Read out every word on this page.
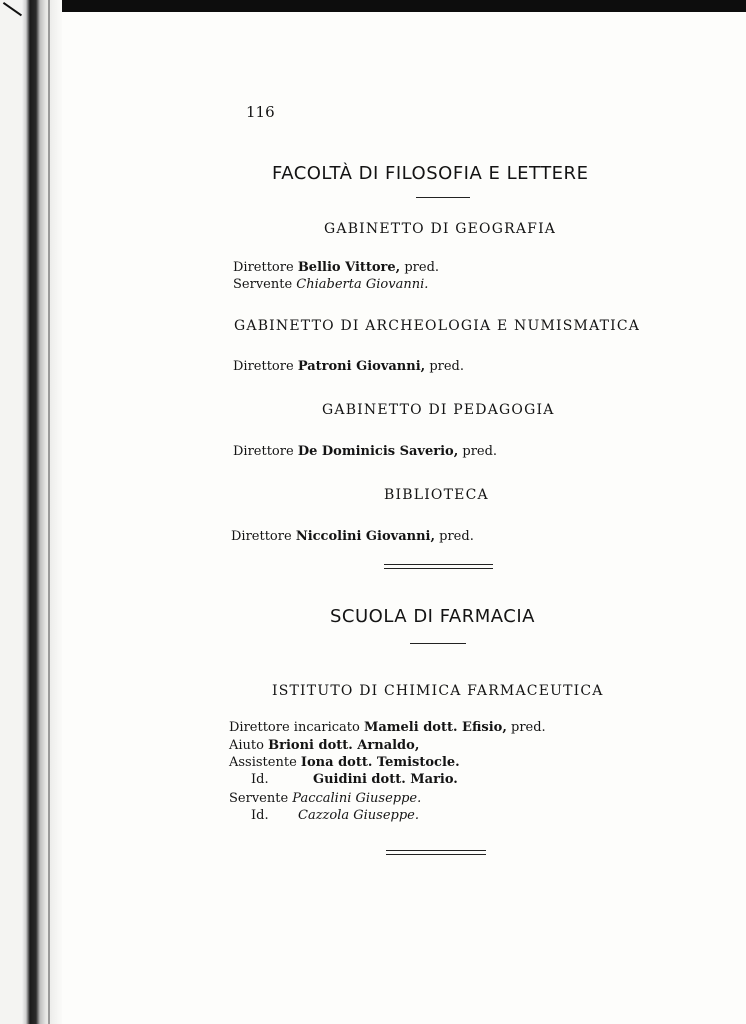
116
FACOLTÀ DI FILOSOFIA E LETTERE
GABINETTO DI GEOGRAFIA
Direttore Bellio Vittore, pred.
Servente Chiaberta Giovanni.
GABINETTO DI ARCHEOLOGIA E NUMISMATICA
Direttore Patroni Giovanni, pred.
GABINETTO DI PEDAGOGIA
Direttore De Dominicis Saverio, pred.
BIBLIOTECA
Direttore Niccolini Giovanni, pred.
SCUOLA DI FARMACIA
ISTITUTO DI CHIMICA FARMACEUTICA
Direttore incaricato Mameli dott. Efisio, pred.
Aiuto Brioni dott. Arnaldo,
Assistente Iona dott. Temistocle.
Id.	Guidini dott. Mario.
Servente Paccalini Giuseppe.
Id. Cazzola Giuseppe.
